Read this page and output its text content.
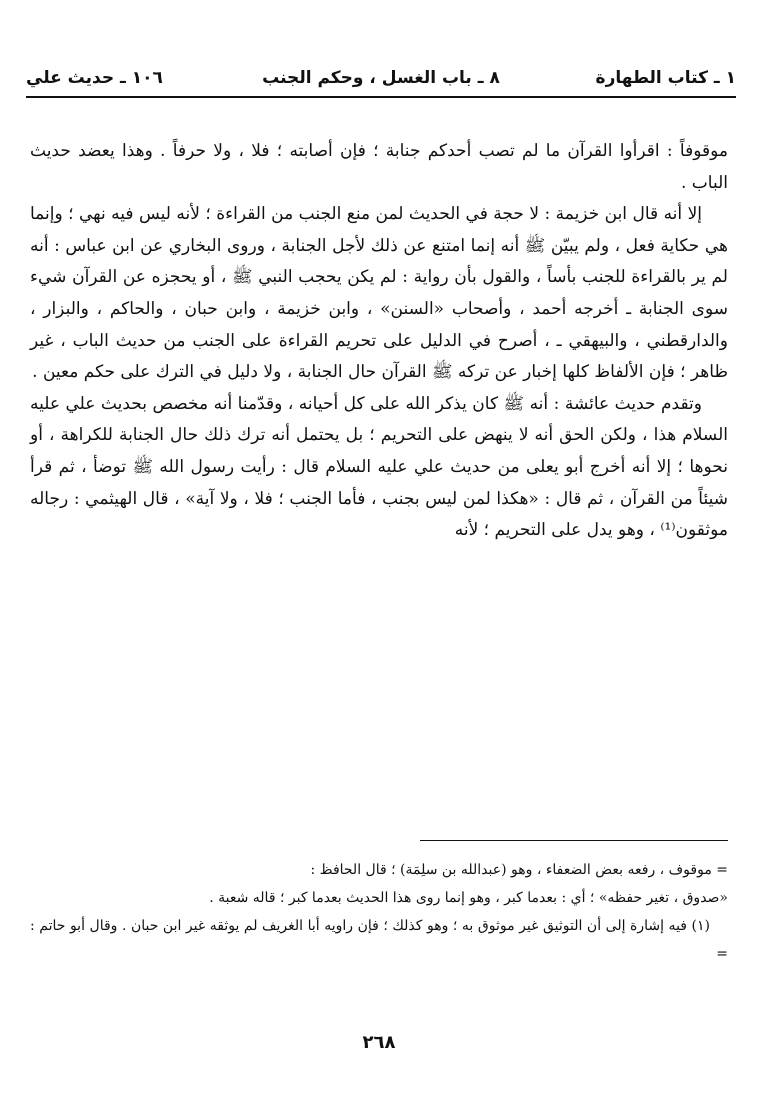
١ ـ كتاب الطهارة
٨ ـ باب الغسل ، وحكم الجنب
١٠٦ ـ حديث علي

موقوفاً : اقرأوا القرآن ما لم تصب أحدكم جنابة ؛ فإن أصابته ؛ فلا ، ولا حرفاً . وهذا يعضد حديث الباب .

إلا أنه قال ابن خزيمة : لا حجة في الحديث لمن منع الجنب من القراءة ؛ لأنه ليس فيه نهي ؛ وإنما هي حكاية فعل ، ولم يبيّن ﷺ أنه إنما امتنع عن ذلك لأجل الجنابة ، وروى البخاري عن ابن عباس : أنه لم ير بالقراءة للجنب بأساً ، والقول بأن رواية : لم يكن يحجب النبي ﷺ ، أو يحجزه عن القرآن شيء سوى الجنابة ـ أخرجه أحمد ، وأصحاب «السنن» ، وابن خزيمة ، وابن حبان ، والحاكم ، والبزار ، والدارقطني ، والبيهقي ـ ، أصرح في الدليل على تحريم القراءة على الجنب من حديث الباب ، غير ظاهر ؛ فإن الألفاظ كلها إخبار عن تركه ﷺ القرآن حال الجنابة ، ولا دليل في الترك على حكم معين .

وتقدم حديث عائشة : أنه ﷺ كان يذكر الله على كل أحيانه ، وقدّمنا أنه مخصص بحديث علي عليه السلام هذا ، ولكن الحق أنه لا ينهض على التحريم ؛ بل يحتمل أنه ترك ذلك حال الجنابة للكراهة ، أو نحوها ؛ إلا أنه أخرج أبو يعلى من حديث علي عليه السلام قال : رأيت رسول الله ﷺ توضأ ، ثم قرأ شيئاً من القرآن ، ثم قال : «هكذا لمن ليس بجنب ، فأما الجنب ؛ فلا ، ولا آية» ، قال الهيثمي : رجاله موثقون⁽¹⁾ ، وهو يدل على التحريم ؛ لأنه

= موقوف ، رفعه بعض الضعفاء ، وهو (عبدالله بن سلِمَة) ؛ قال الحافظ :

«صدوق ، تغير حفظه» ؛ أي : بعدما كبر ، وهو إنما روى هذا الحديث بعدما كبر ؛ قاله شعبة .

(١) فيه إشارة إلى أن التوثيق غير موثوق به ؛ وهو كذلك ؛ فإن راويه أبا الغريف لم يوثقه غير ابن حبان . وقال أبو حاتم : =

٢٦٨
